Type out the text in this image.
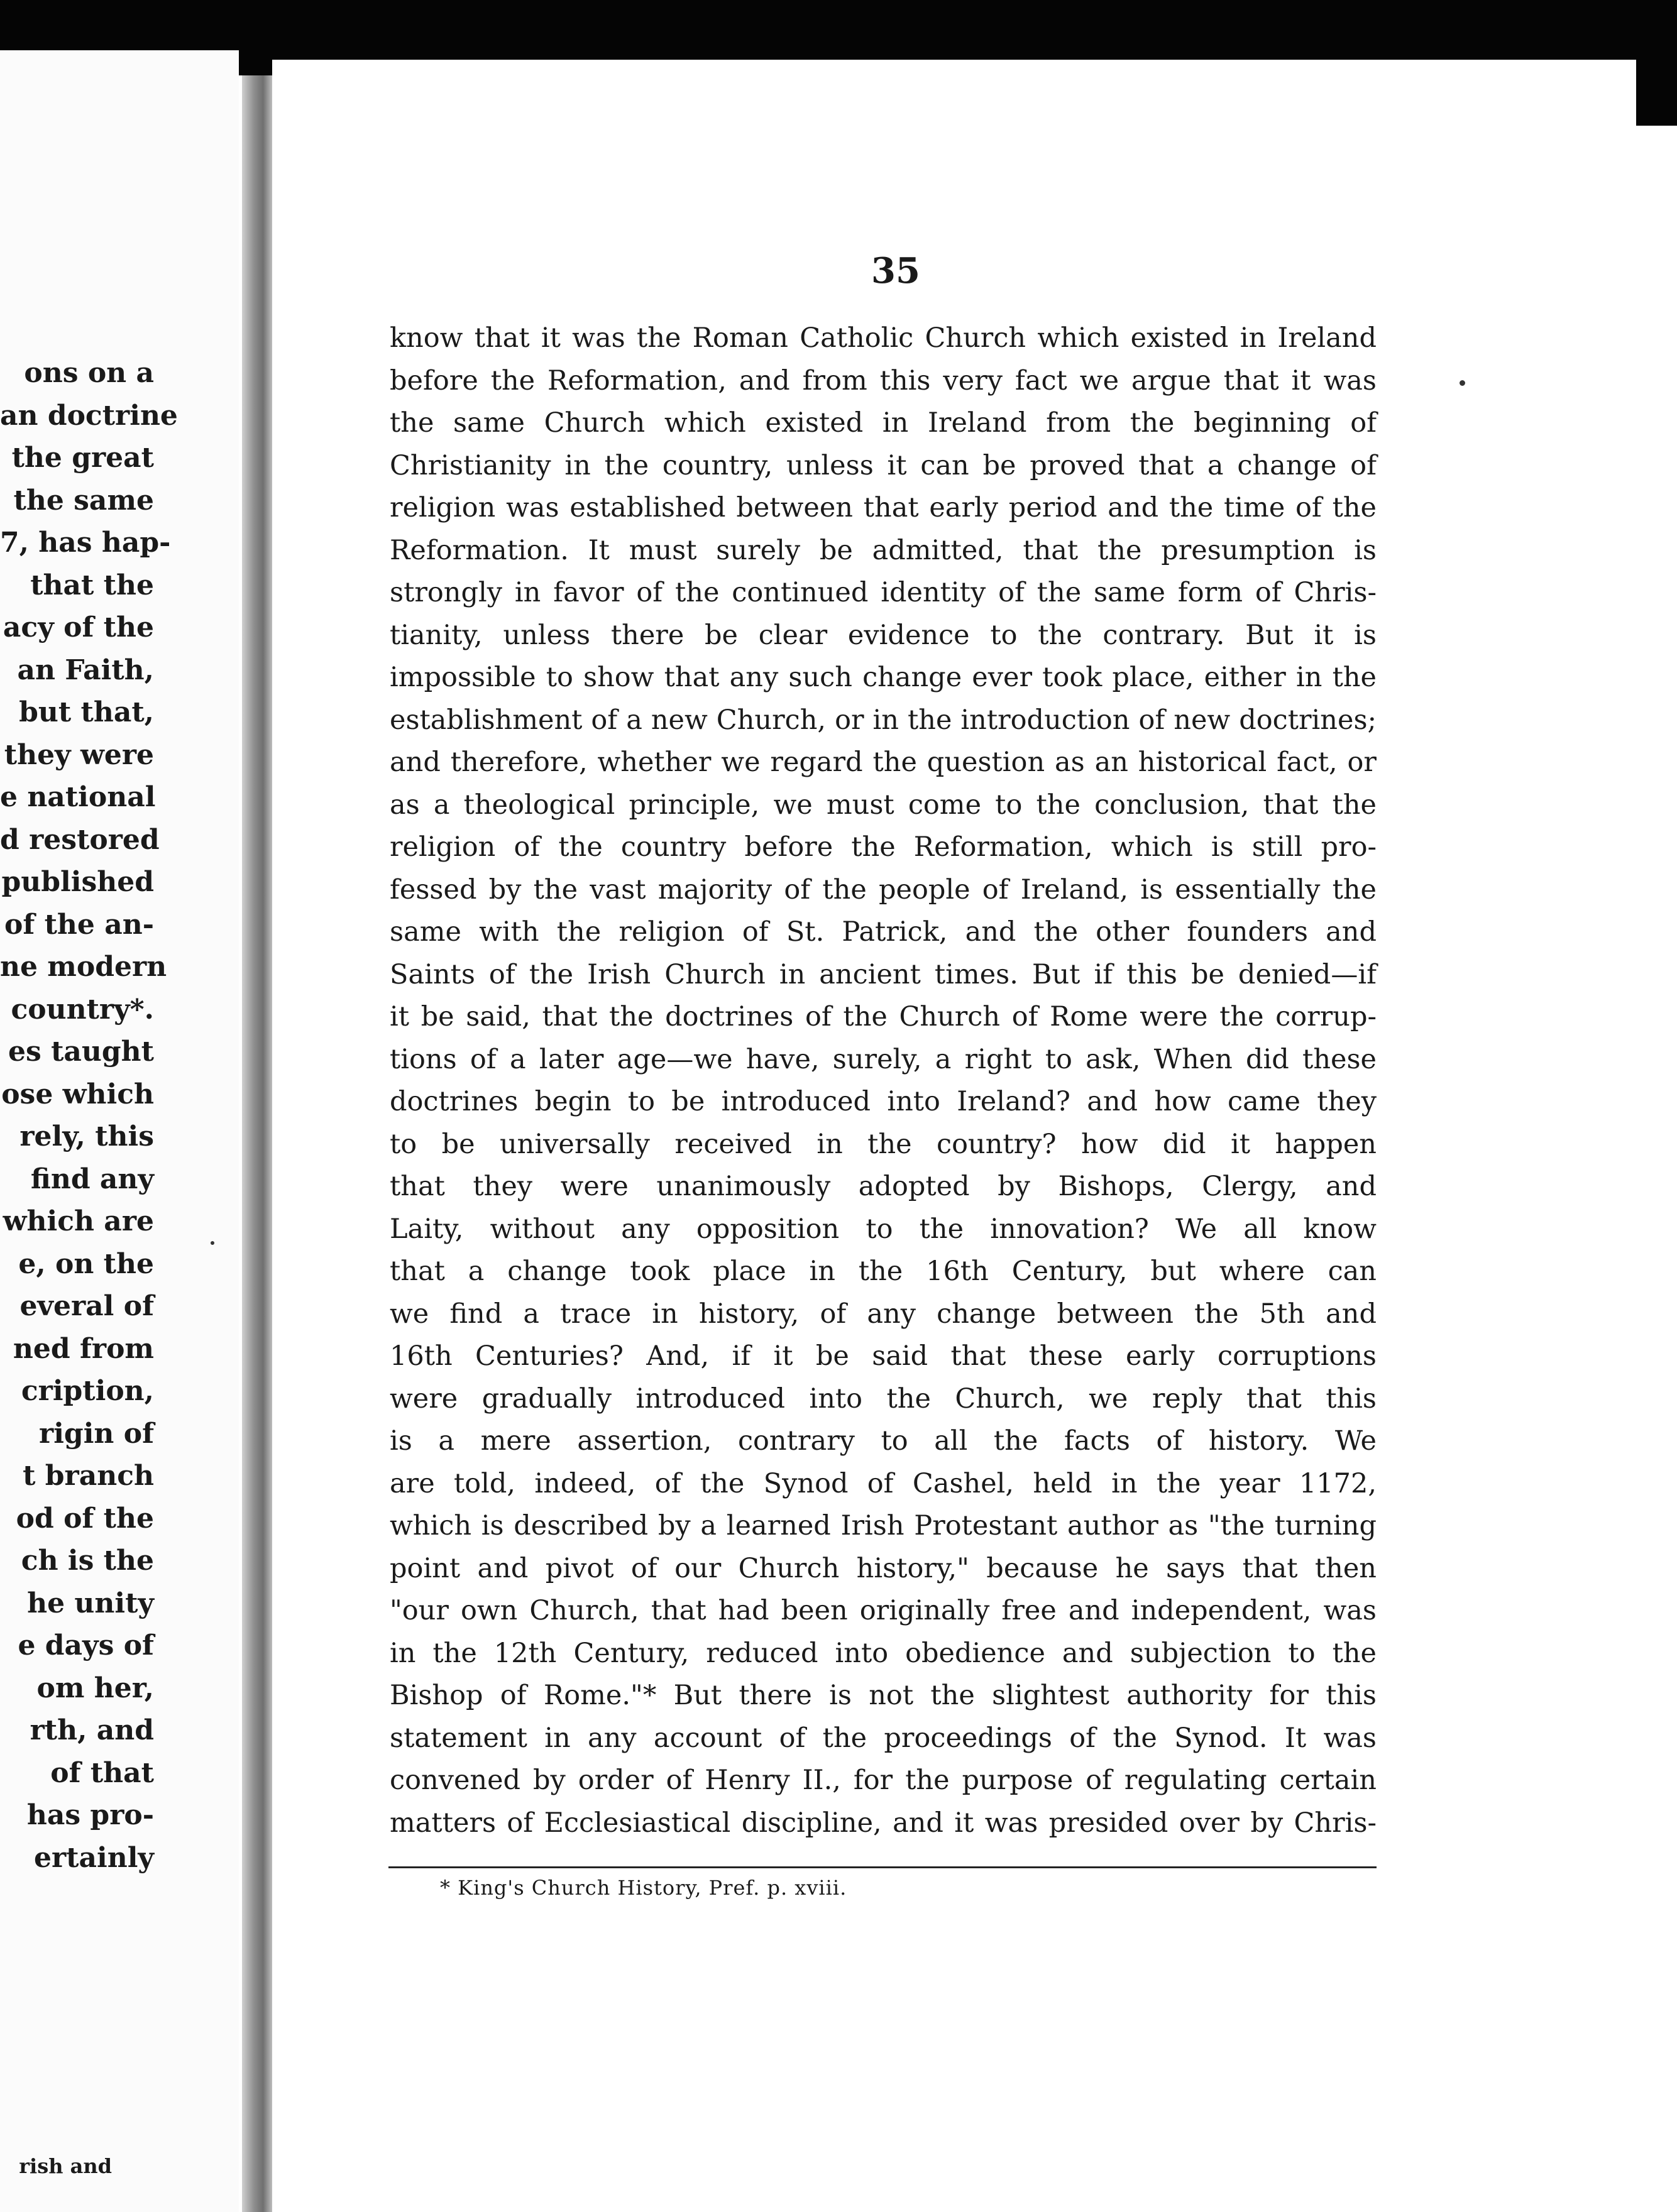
ons on a
an doctrine
the great
the same
7, has hap-
that the
acy of the
an Faith,
but that,
they were
e national
d restored
published
of the an-
ne modern
country*.
es taught
ose which
rely, this
find any
which are
e, on the
everal of
ned from
cription,
rigin of
t branch
od of the
ch is the
he unity
e days of
om her,
rth, and
of that
has pro-
ertainly
rish and
35
know that it was the Roman Catholic Church which existed in Ireland
before the Reformation, and from this very fact we argue that it was
the same Church which existed in Ireland from the beginning of
Christianity in the country, unless it can be proved that a change of
religion was established between that early period and the time of the
Reformation. It must surely be admitted, that the presumption is
strongly in favor of the continued identity of the same form of Chris-
tianity, unless there be clear evidence to the contrary. But it is
impossible to show that any such change ever took place, either in the
establishment of a new Church, or in the introduction of new doctrines;
and therefore, whether we regard the question as an historical fact, or
as a theological principle, we must come to the conclusion, that the
religion of the country before the Reformation, which is still pro-
fessed by the vast majority of the people of Ireland, is essentially the
same with the religion of St. Patrick, and the other founders and
Saints of the Irish Church in ancient times. But if this be denied—if
it be said, that the doctrines of the Church of Rome were the corrup-
tions of a later age—we have, surely, a right to ask, When did these
doctrines begin to be introduced into Ireland? and how came they
to be universally received in the country? how did it happen
that they were unanimously adopted by Bishops, Clergy, and
Laity, without any opposition to the innovation? We all know
that a change took place in the 16th Century, but where can
we find a trace in history, of any change between the 5th and
16th Centuries? And, if it be said that these early corruptions
were gradually introduced into the Church, we reply that this
is a mere assertion, contrary to all the facts of history. We
are told, indeed, of the Synod of Cashel, held in the year 1172,
which is described by a learned Irish Protestant author as "the turning
point and pivot of our Church history," because he says that then
"our own Church, that had been originally free and independent, was
in the 12th Century, reduced into obedience and subjection to the
Bishop of Rome."* But there is not the slightest authority for this
statement in any account of the proceedings of the Synod. It was
convened by order of Henry II., for the purpose of regulating certain
matters of Ecclesiastical discipline, and it was presided over by Chris-
* King's Church History, Pref. p. xviii.
